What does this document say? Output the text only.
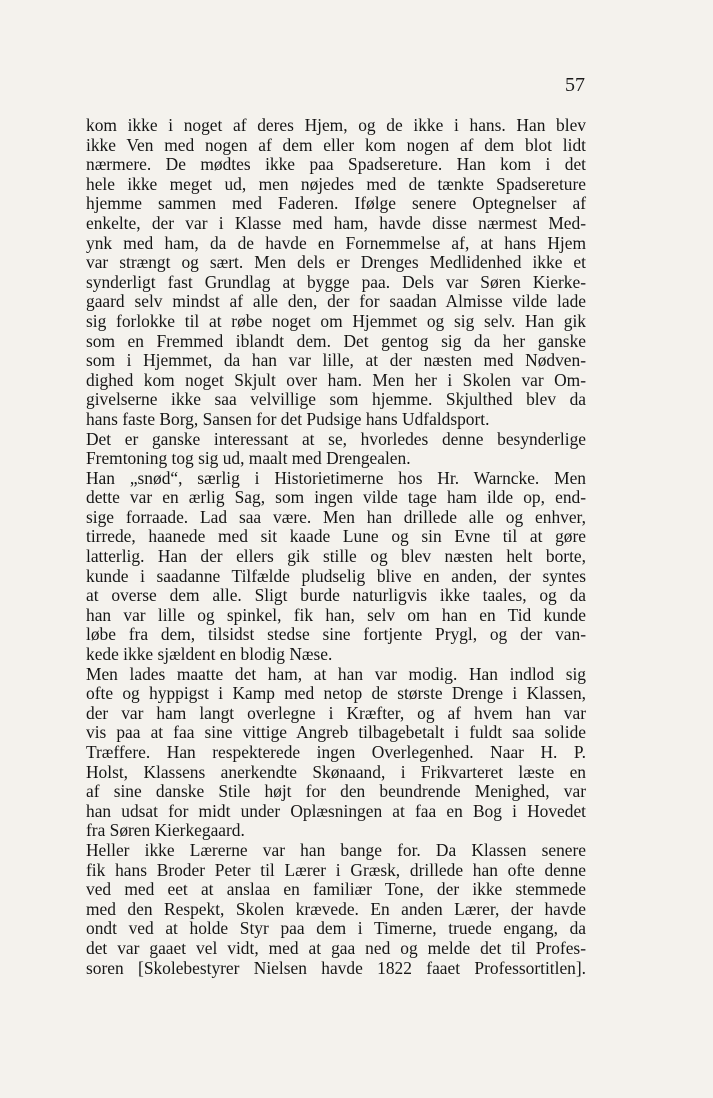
57
kom ikke i noget af deres Hjem, og de ikke i hans. Han blev
ikke Ven med nogen af dem eller kom nogen af dem blot lidt
nærmere. De mødtes ikke paa Spadsereture. Han kom i det
hele ikke meget ud, men nøjedes med de tænkte Spadsereture
hjemme sammen med Faderen. Ifølge senere Optegnelser af
enkelte, der var i Klasse med ham, havde disse nærmest Med-
ynk med ham, da de havde en Fornemmelse af, at hans Hjem
var strængt og sært. Men dels er Drenges Medlidenhed ikke et
synderligt fast Grundlag at bygge paa. Dels var Søren Kierke-
gaard selv mindst af alle den, der for saadan Almisse vilde lade
sig forlokke til at røbe noget om Hjemmet og sig selv. Han gik
som en Fremmed iblandt dem. Det gentog sig da her ganske
som i Hjemmet, da han var lille, at der næsten med Nødven-
dighed kom noget Skjult over ham. Men her i Skolen var Om-
givelserne ikke saa velvillige som hjemme. Skjulthed blev da
hans faste Borg, Sansen for det Pudsige hans Udfaldsport.
Det er ganske interessant at se, hvorledes denne besynderlige
Fremtoning tog sig ud, maalt med Drengealen.
Han „snød“, særlig i Historietimerne hos Hr. Warncke. Men
dette var en ærlig Sag, som ingen vilde tage ham ilde op, end-
sige forraade. Lad saa være. Men han drillede alle og enhver,
tirrede, haanede med sit kaade Lune og sin Evne til at gøre
latterlig. Han der ellers gik stille og blev næsten helt borte,
kunde i saadanne Tilfælde pludselig blive en anden, der syntes
at overse dem alle. Sligt burde naturligvis ikke taales, og da
han var lille og spinkel, fik han, selv om han en Tid kunde
løbe fra dem, tilsidst stedse sine fortjente Prygl, og der van-
kede ikke sjældent en blodig Næse.
Men lades maatte det ham, at han var modig. Han indlod sig
ofte og hyppigst i Kamp med netop de største Drenge i Klassen,
der var ham langt overlegne i Kræfter, og af hvem han var
vis paa at faa sine vittige Angreb tilbagebetalt i fuldt saa solide
Træffere. Han respekterede ingen Overlegenhed. Naar H. P.
Holst, Klassens anerkendte Skønaand, i Frikvarteret læste en
af sine danske Stile højt for den beundrende Menighed, var
han udsat for midt under Oplæsningen at faa en Bog i Hovedet
fra Søren Kierkegaard.
Heller ikke Lærerne var han bange for. Da Klassen senere
fik hans Broder Peter til Lærer i Græsk, drillede han ofte denne
ved med eet at anslaa en familiær Tone, der ikke stemmede
med den Respekt, Skolen krævede. En anden Lærer, der havde
ondt ved at holde Styr paa dem i Timerne, truede engang, da
det var gaaet vel vidt, med at gaa ned og melde det til Profes-
soren [Skolebestyrer Nielsen havde 1822 faaet Professortitlen].
